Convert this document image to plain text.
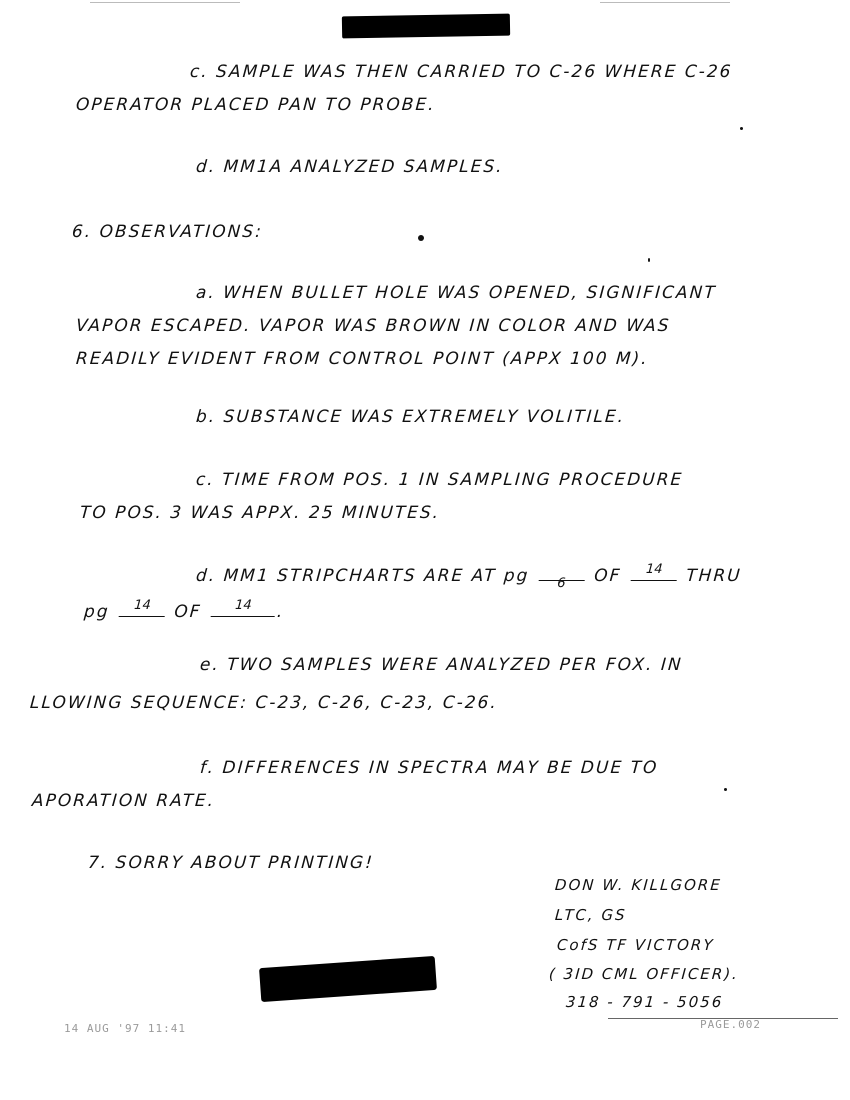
c. SAMPLE WAS THEN CARRIED TO C-26 WHERE C-26
OPERATOR PLACED PAN TO PROBE.
d. MM1A ANALYZED SAMPLES.
6. OBSERVATIONS:
a. WHEN BULLET HOLE WAS OPENED, SIGNIFICANT
VAPOR ESCAPED. VAPOR WAS BROWN IN COLOR AND WAS
READILY EVIDENT FROM CONTROL POINT (APPX 100 M).
b. SUBSTANCE WAS EXTREMELY VOLITILE.
c. TIME FROM POS. 1 IN SAMPLING PROCEDURE
TO POS. 3 WAS APPX. 25 MINUTES.
d. MM1 STRIPCHARTS ARE AT pg	6	OF	14	THRU
pg	14	OF	14	.
e. TWO SAMPLES WERE ANALYZED PER FOX. IN
LLOWING SEQUENCE: C-23, C-26, C-23, C-26.
f. DIFFERENCES IN SPECTRA MAY BE DUE TO
APORATION RATE.
7. SORRY ABOUT PRINTING!
DON W. KILLGORE
LTC, GS
CofS TF VICTORY
( 3ID CML OFFICER).
318 - 791 - 5056
14 AUG '97 11:41	PAGE.002
